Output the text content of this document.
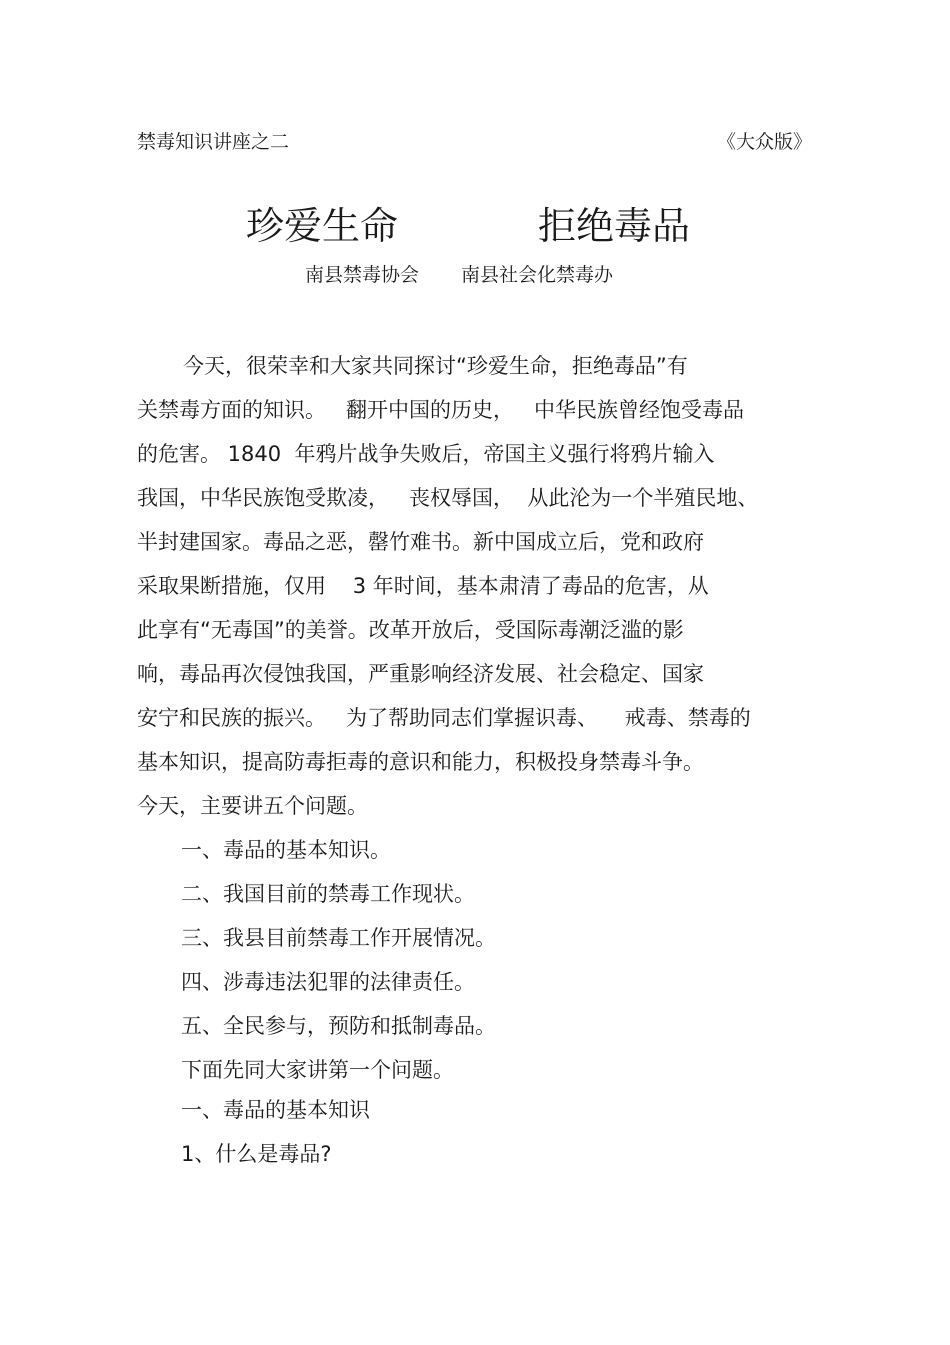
禁毒知识讲座之二	《大众版》
珍爱生命	拒绝毒品
南县禁毒协会 南县社会化禁毒办
今天，很荣幸和大家共同探讨“珍爱生命，拒绝毒品”有
关禁毒方面的知识。   翻开中国的历史，   中华民族曾经饱受毒品
的危害。 1840  年鸦片战争失败后，帝国主义强行将鸦片输入
我国，中华民族饱受欺凌，   丧权辱国，  从此沦为一个半殖民地、
半封建国家。毒品之恶，罄竹难书。新中国成立后，党和政府
采取果断措施，仅用    3 年时间，基本肃清了毒品的危害，从
此享有“无毒国”的美誉。改革开放后，受国际毒潮泛滥的影
响，毒品再次侵蚀我国，严重影响经济发展、社会稳定、国家
安宁和民族的振兴。   为了帮助同志们掌握识毒、    戒毒、禁毒的
基本知识，提高防毒拒毒的意识和能力，积极投身禁毒斗争。
今天，主要讲五个问题。
一、毒品的基本知识。
二、我国目前的禁毒工作现状。
三、我县目前禁毒工作开展情况。
四、涉毒违法犯罪的法律责任。
五、全民参与，预防和抵制毒品。
下面先同大家讲第一个问题。
一、毒品的基本知识
1、什么是毒品?
